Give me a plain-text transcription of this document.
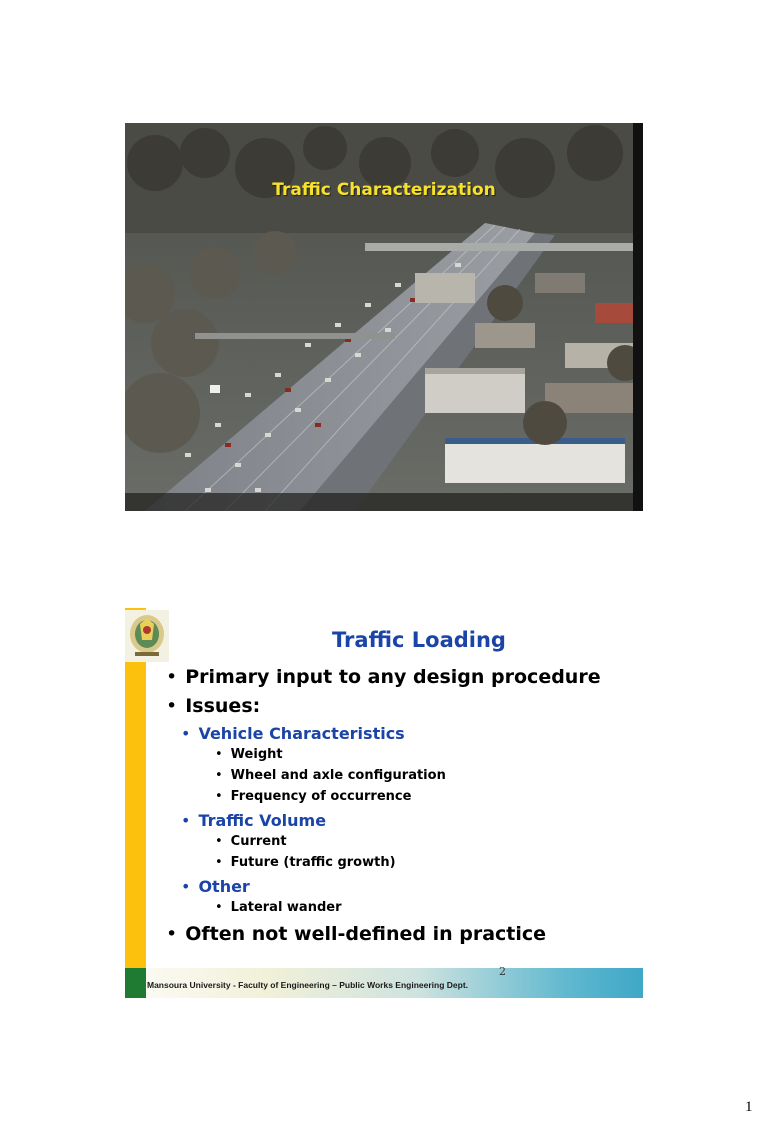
Traffic Characterization
Traffic Loading
• Primary input to any design procedure
• Issues:
• Vehicle Characteristics
• Weight
• Wheel and axle configuration
• Frequency of occurrence
• Traffic Volume
• Current
• Future (traffic growth)
• Other
• Lateral wander
• Often not well-defined in practice
2
Mansoura University - Faculty of Engineering – Public Works Engineering Dept.
1
